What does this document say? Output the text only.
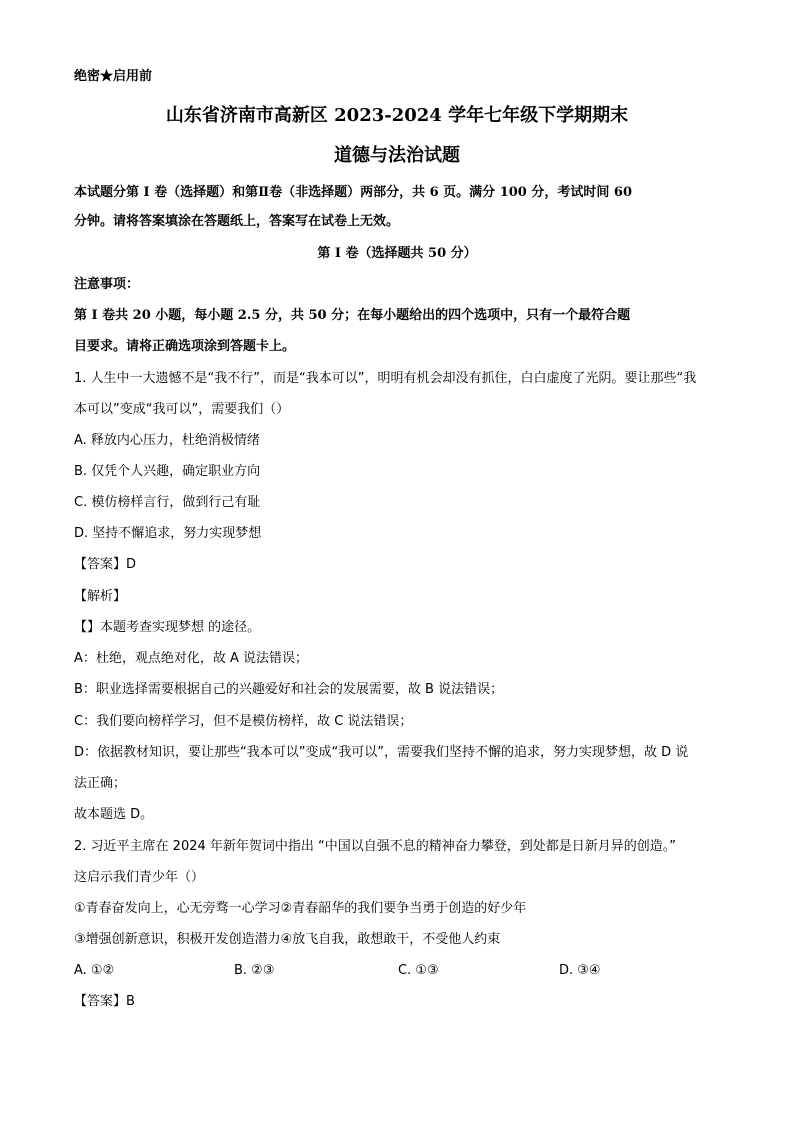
绝密★启用前
山东省济南市高新区 2023-2024 学年七年级下学期期末
道德与法治试题
本试题分第 I 卷（选择题）和第Ⅱ卷（非选择题）两部分，共 6 页。满分 100 分，考试时间 60
分钟。请将答案填涂在答题纸上，答案写在试卷上无效。
第 I 卷（选择题共 50 分）
注意事项：
第 I 卷共 20 小题，每小题 2.5 分，共 50 分；在每小题给出的四个选项中，只有一个最符合题
目要求。请将正确选项涂到答题卡上。
1. 人生中一大遗憾不是“我不行”，而是“我本可以”，明明有机会却没有抓住，白白虚度了光阴。要让那些“我
本可以”变成“我可以”，需要我们（）
A. 释放内心压力，杜绝消极情绪
B. 仅凭个人兴趣，确定职业方向
C. 模仿榜样言行，做到行己有耻
D. 坚持不懈追求，努力实现梦想
【答案】D
【解析】
【】本题考查实现梦想 的途径。
A：杜绝，观点绝对化，故 A 说法错误；
B：职业选择需要根据自己的兴趣爱好和社会的发展需要，故 B 说法错误；
C：我们要向榜样学习，但不是模仿榜样，故 C 说法错误；
D：依据教材知识，要让那些“我本可以”变成“我可以”，需要我们坚持不懈的追求，努力实现梦想，故 D 说
法正确；
故本题选 D。
2. 习近平主席在 2024 年新年贺词中指出 “中国以自强不息的精神奋力攀登，到处都是日新月异的创造。”
这启示我们青少年（）
①青春奋发向上，心无旁骛一心学习②青春韶华的我们要争当勇于创造的好少年
③增强创新意识，积极开发创造潜力④放飞自我，敢想敢干，不受他人约束
A. ①②	B. ②③	C. ①③	D. ③④
【答案】B
